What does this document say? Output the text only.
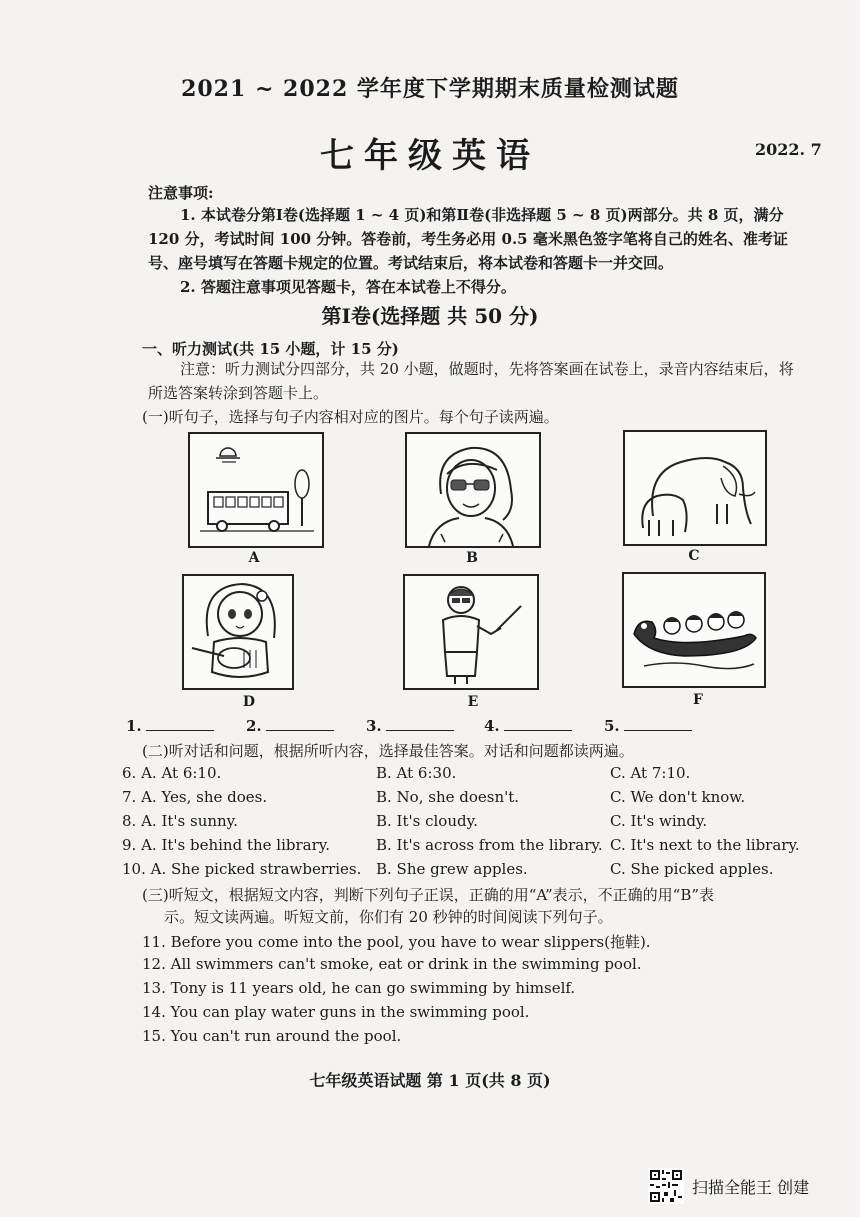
2021 ~ 2022 学年度下学期期末质量检测试题
七年级英语	2022. 7
注意事项:
1. 本试卷分第Ⅰ卷(选择题 1 ~ 4 页)和第Ⅱ卷(非选择题 5 ~ 8 页)两部分。共 8 页，满分 120 分，考试时间 100 分钟。答卷前，考生务必用 0.5 毫米黑色签字笔将自己的姓名、准考证号、座号填写在答题卡规定的位置。考试结束后，将本试卷和答题卡一并交回。
2. 答题注意事项见答题卡，答在本试卷上不得分。
第Ⅰ卷(选择题 共 50 分)
一、听力测试(共 15 小题，计 15 分)
注意：听力测试分四部分，共 20 小题，做题时，先将答案画在试卷上，录音内容结束后，将所选答案转涂到答题卡上。
(一)听句子，选择与句子内容相对应的图片。每个句子读两遍。
A	B	C
D	E	F
1.	2.	3.	4.	5.
(二)听对话和问题，根据所听内容，选择最佳答案。对话和问题都读两遍。
6. A. At 6:10.	B. At 6:30.	C. At 7:10.
7. A. Yes, she does.	B. No, she doesn't.	C. We don't know.
8. A. It's sunny.	B. It's cloudy.	C. It's windy.
9. A. It's behind the library.	B. It's across from the library. C. It's next to the library.
10. A. She picked strawberries. B. She grew apples.	C. She picked apples.
(三)听短文，根据短文内容，判断下列句子正误，正确的用“A”表示，不正确的用“B”表
示。短文读两遍。听短文前，你们有 20 秒钟的时间阅读下列句子。
11. Before you come into the pool, you have to wear slippers(拖鞋).
12. All swimmers can't smoke, eat or drink in the swimming pool.
13. Tony is 11 years old, he can go swimming by himself.
14. You can play water guns in the swimming pool.
15. You can't run around the pool.
七年级英语试题 第 1 页(共 8 页)
扫描全能王 创建
